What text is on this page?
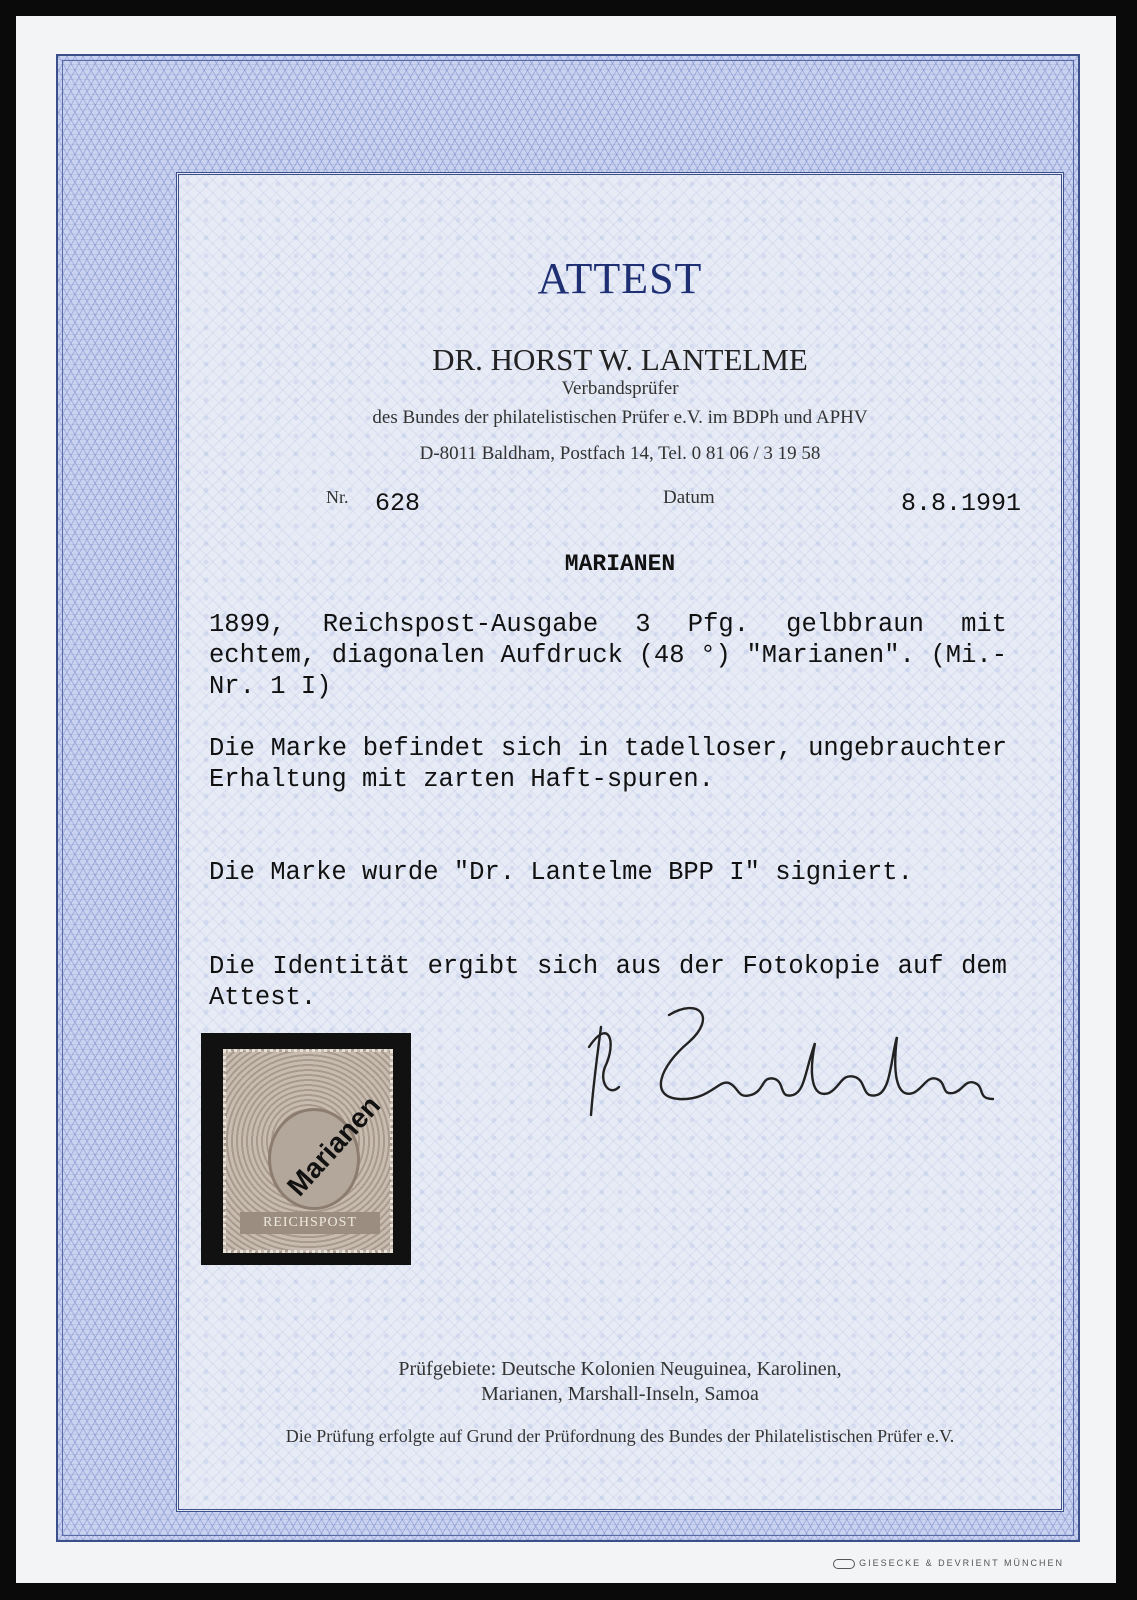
ATTEST
DR. HORST W. LANTELME
Verbandsprüfer
des Bundes der philatelistischen Prüfer e.V. im BDPh und APHV
D-8011 Baldham, Postfach 14, Tel. 0 81 06 / 3 19 58
Nr. 628	Datum	8.8.1991
MARIANEN
1899, Reichspost-Ausgabe 3 Pfg. gelbbraun mit echtem, diagonalen Aufdruck (48 °) "Marianen". (Mi.-Nr. 1 I)
Die Marke befindet sich in tadelloser, ungebrauchter Erhaltung mit zarten Haft-spuren.
Die Marke wurde "Dr. Lantelme BPP I" signiert.
Die Identität ergibt sich aus der Fotokopie auf dem Attest.
Marianen
REICHSPOST
Prüfgebiete: Deutsche Kolonien Neuguinea, Karolinen,
Marianen, Marshall-Inseln, Samoa
Die Prüfung erfolgte auf Grund der Prüfordnung des Bundes der Philatelistischen Prüfer e.V.
GIESECKE & DEVRIENT MÜNCHEN
